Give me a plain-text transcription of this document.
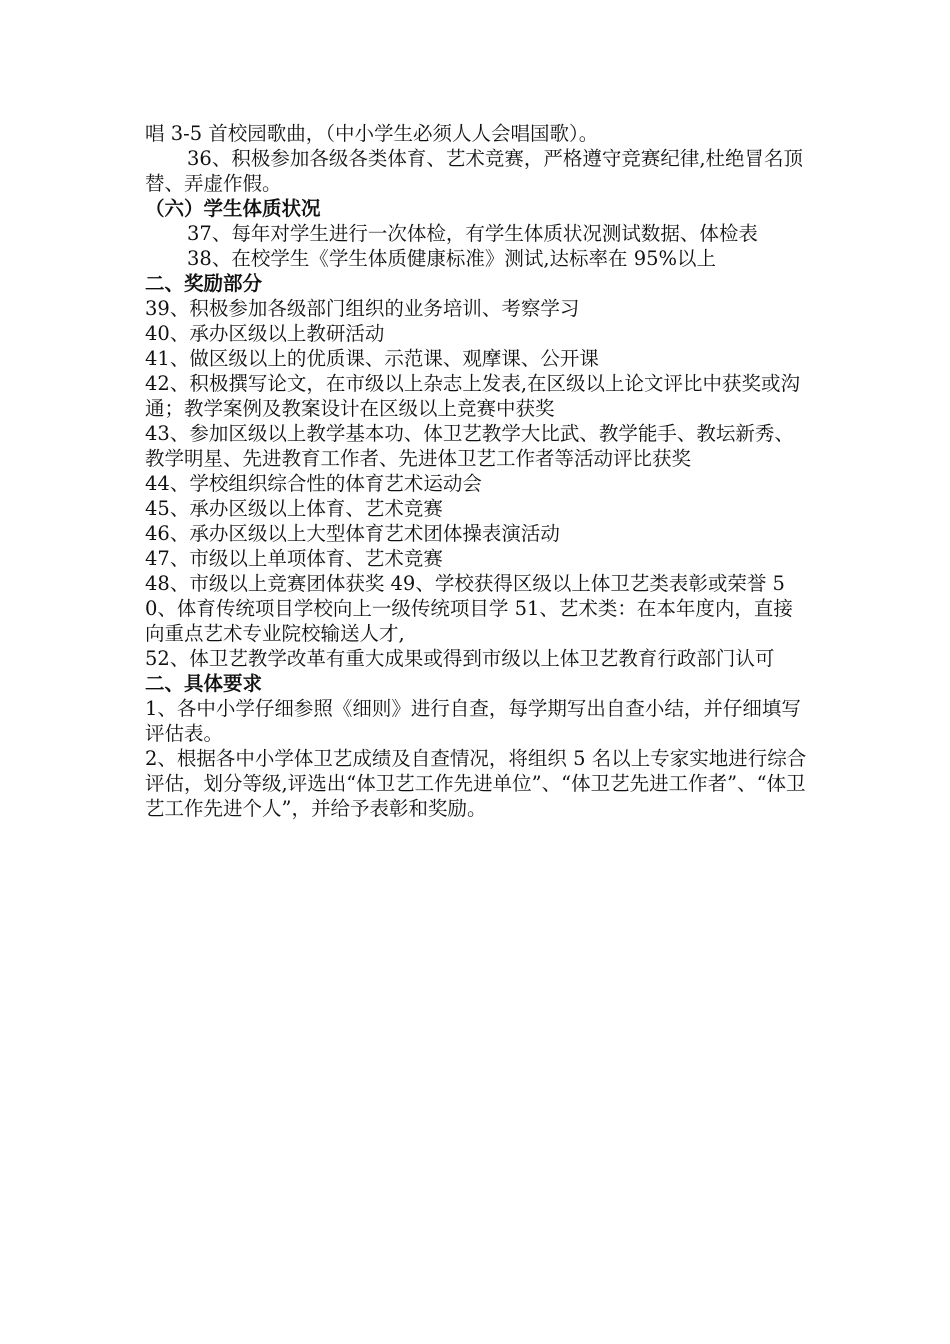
唱 3-5 首校园歌曲，（中小学生必须人人会唱国歌）。

36、积极参加各级各类体育、艺术竞赛，严格遵守竞赛纪律,杜绝冒名顶替、弄虚作假。

（六）学生体质状况

37、每年对学生进行一次体检，有学生体质状况测试数据、体检表

38、在校学生《学生体质健康标准》测试,达标率在 95%以上

二、奖励部分

39、积极参加各级部门组织的业务培训、考察学习

40、承办区级以上教研活动

41、做区级以上的优质课、示范课、观摩课、公开课

42、积极撰写论文，在市级以上杂志上发表,在区级以上论文评比中获奖或沟通；教学案例及教案设计在区级以上竞赛中获奖

43、参加区级以上教学基本功、体卫艺教学大比武、教学能手、教坛新秀、教学明星、先进教育工作者、先进体卫艺工作者等活动评比获奖

44、学校组织综合性的体育艺术运动会

45、承办区级以上体育、艺术竞赛

46、承办区级以上大型体育艺术团体操表演活动

47、市级以上单项体育、艺术竞赛

48、市级以上竞赛团体获奖 49、学校获得区级以上体卫艺类表彰或荣誉 50、体育传统项目学校向上一级传统项目学 51、艺术类：在本年度内，直接向重点艺术专业院校输送人才,

52、体卫艺教学改革有重大成果或得到市级以上体卫艺教育行政部门认可

二、具体要求

1、各中小学仔细参照《细则》进行自查，每学期写出自查小结，并仔细填写评估表。

2、根据各中小学体卫艺成绩及自查情况，将组织 5 名以上专家实地进行综合评估，划分等级,评选出“体卫艺工作先进单位”、“体卫艺先进工作者”、“体卫艺工作先进个人”，并给予表彰和奖励。
